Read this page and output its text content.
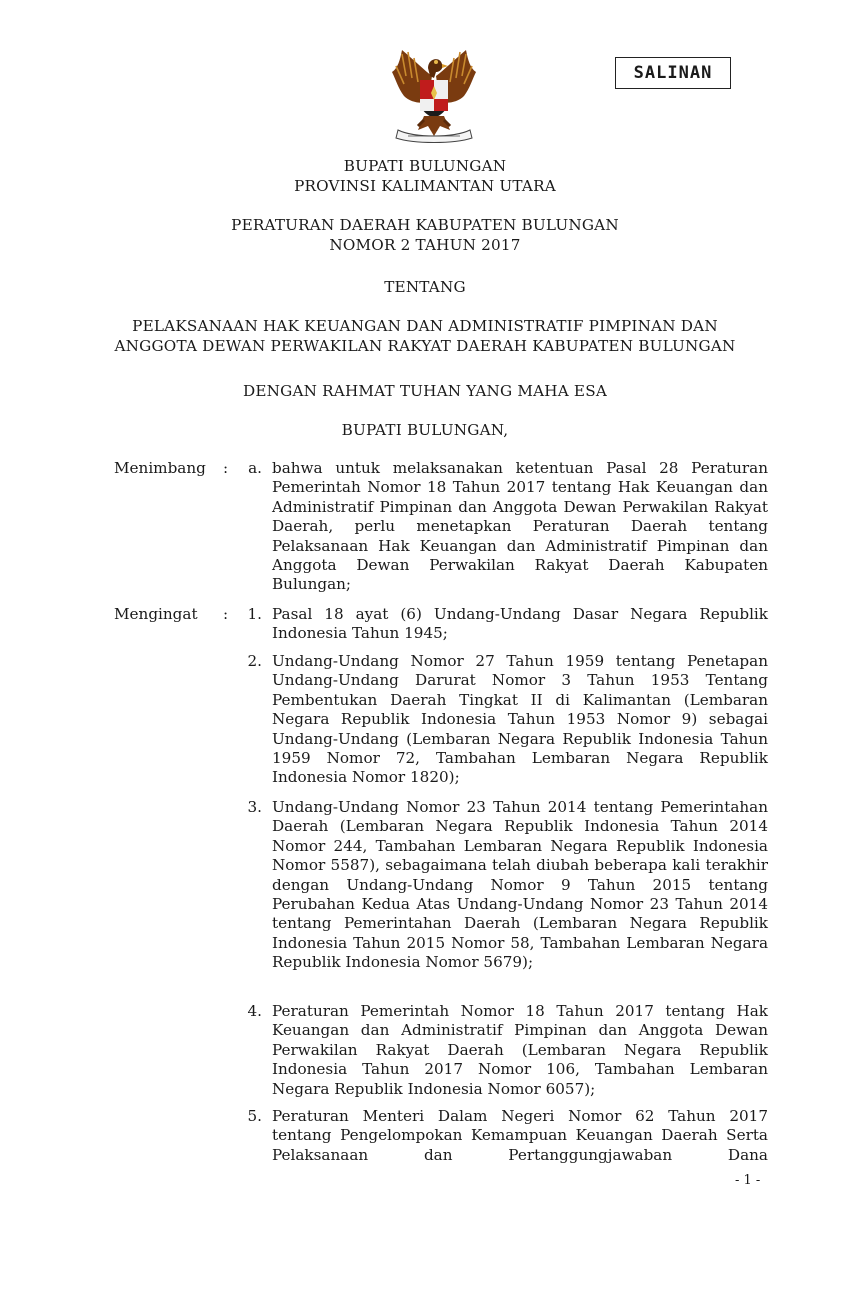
SALINAN
BUPATI BULUNGAN
PROVINSI KALIMANTAN UTARA
PERATURAN DAERAH KABUPATEN BULUNGAN
NOMOR 2 TAHUN 2017
TENTANG
PELAKSANAAN HAK KEUANGAN DAN ADMINISTRATIF PIMPINAN DAN
ANGGOTA DEWAN PERWAKILAN RAKYAT DAERAH KABUPATEN BULUNGAN
DENGAN RAHMAT TUHAN YANG MAHA ESA
BUPATI BULUNGAN,
Menimbang :	a. bahwa untuk melaksanakan ketentuan Pasal 28 Peraturan Pemerintah Nomor 18 Tahun 2017 tentang Hak Keuangan dan Administratif Pimpinan dan Anggota Dewan Perwakilan Rakyat Daerah, perlu menetapkan Peraturan Daerah tentang Pelaksanaan Hak Keuangan dan Administratif Pimpinan dan Anggota Dewan Perwakilan Rakyat Daerah Kabupaten Bulungan;
Mengingat :	1. Pasal 18 ayat (6) Undang-Undang Dasar Negara Republik Indonesia Tahun 1945;
2. Undang-Undang Nomor 27 Tahun 1959 tentang Penetapan Undang-Undang Darurat Nomor 3 Tahun 1953 Tentang Pembentukan Daerah Tingkat II di Kalimantan (Lembaran Negara Republik Indonesia Tahun 1953 Nomor 9) sebagai Undang-Undang (Lembaran Negara Republik Indonesia Tahun 1959 Nomor 72, Tambahan Lembaran Negara Republik Indonesia Nomor 1820);
3. Undang-Undang Nomor 23 Tahun 2014 tentang Pemerintahan Daerah (Lembaran Negara Republik Indonesia Tahun 2014 Nomor 244, Tambahan Lembaran Negara Republik Indonesia Nomor 5587), sebagaimana telah diubah beberapa kali terakhir dengan Undang-Undang Nomor 9 Tahun 2015 tentang Perubahan Kedua Atas Undang-Undang Nomor 23 Tahun 2014 tentang Pemerintahan Daerah (Lembaran Negara Republik Indonesia Tahun 2015 Nomor 58, Tambahan Lembaran Negara Republik Indonesia Nomor 5679);
4. Peraturan Pemerintah Nomor 18 Tahun 2017 tentang Hak Keuangan dan Administratif Pimpinan dan Anggota Dewan Perwakilan Rakyat Daerah (Lembaran Negara Republik Indonesia Tahun 2017 Nomor 106, Tambahan Lembaran Negara Republik Indonesia Nomor 6057);
5. Peraturan Menteri Dalam Negeri Nomor 62 Tahun 2017 tentang Pengelompokan Kemampuan Keuangan Daerah Serta Pelaksanaan dan Pertanggungjawaban Dana
- 1 -
